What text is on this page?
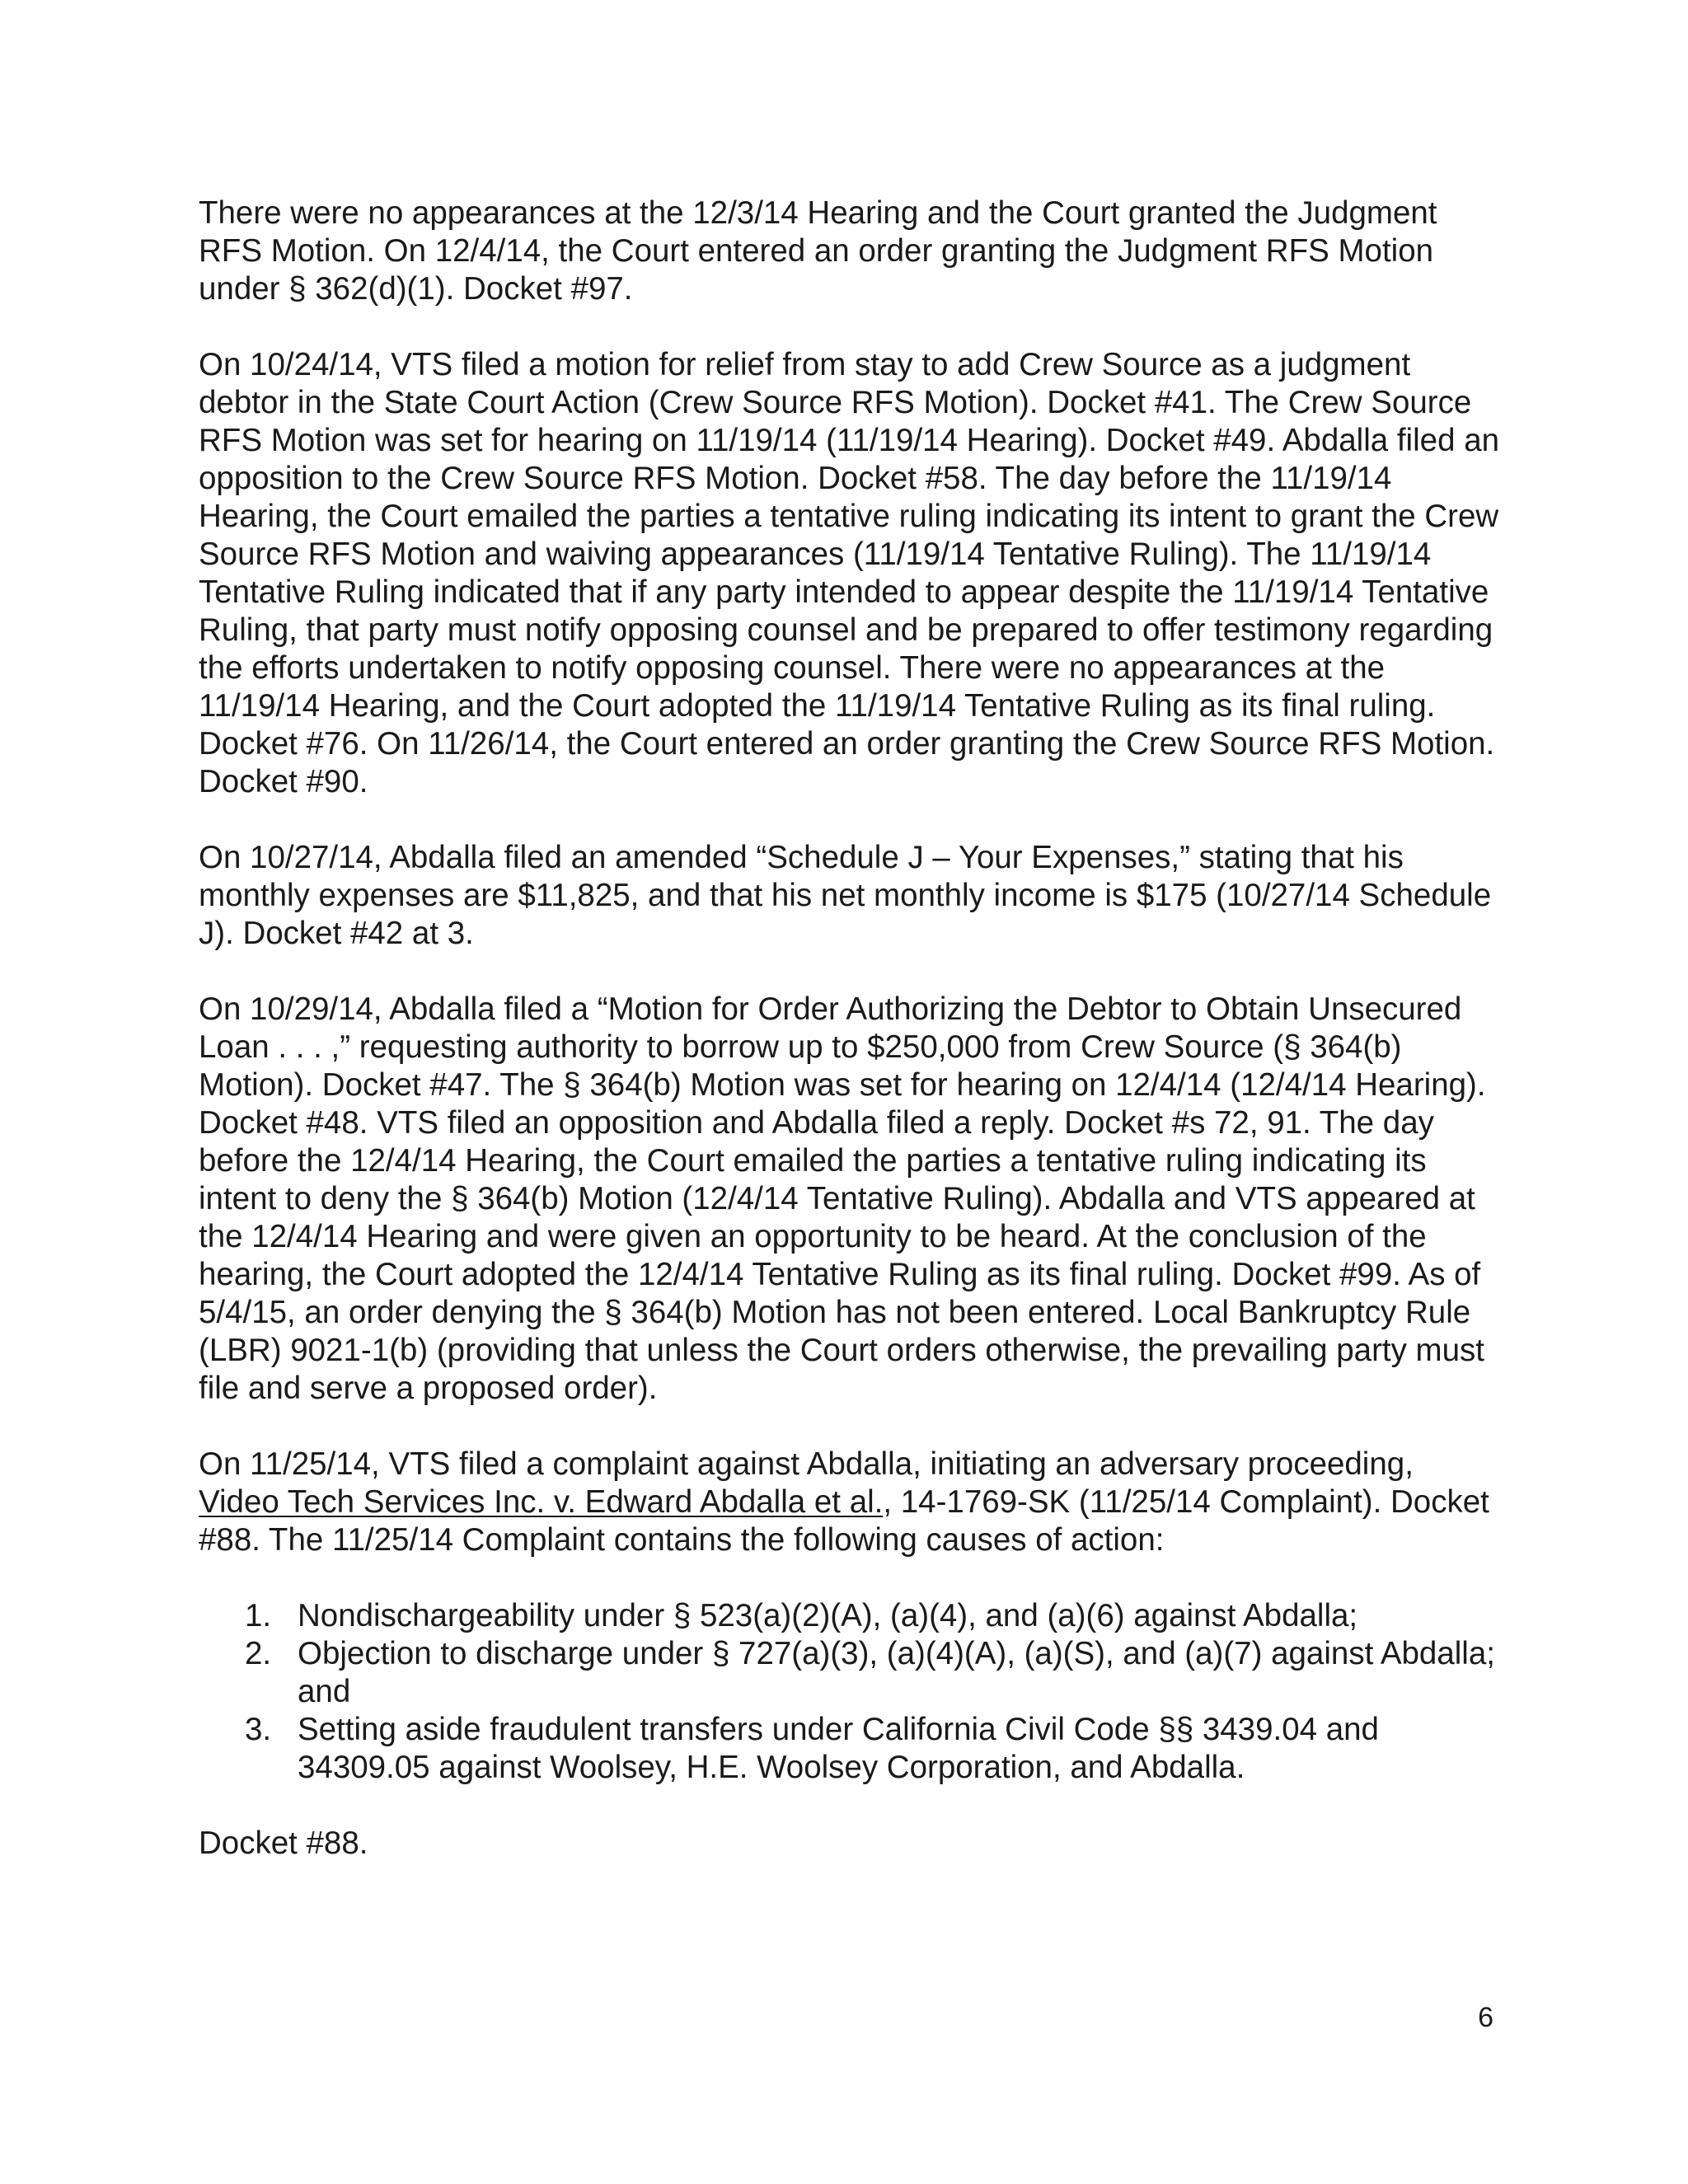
There were no appearances at the 12/3/14 Hearing and the Court granted the Judgment RFS Motion. On 12/4/14, the Court entered an order granting the Judgment RFS Motion under § 362(d)(1). Docket #97.

On 10/24/14, VTS filed a motion for relief from stay to add Crew Source as a judgment debtor in the State Court Action (Crew Source RFS Motion). Docket #41. The Crew Source RFS Motion was set for hearing on 11/19/14 (11/19/14 Hearing). Docket #49. Abdalla filed an opposition to the Crew Source RFS Motion. Docket #58. The day before the 11/19/14 Hearing, the Court emailed the parties a tentative ruling indicating its intent to grant the Crew Source RFS Motion and waiving appearances (11/19/14 Tentative Ruling). The 11/19/14 Tentative Ruling indicated that if any party intended to appear despite the 11/19/14 Tentative Ruling, that party must notify opposing counsel and be prepared to offer testimony regarding the efforts undertaken to notify opposing counsel. There were no appearances at the 11/19/14 Hearing, and the Court adopted the 11/19/14 Tentative Ruling as its final ruling. Docket #76. On 11/26/14, the Court entered an order granting the Crew Source RFS Motion. Docket #90.

On 10/27/14, Abdalla filed an amended “Schedule J – Your Expenses,” stating that his monthly expenses are $11,825, and that his net monthly income is $175 (10/27/14 Schedule J). Docket #42 at 3.

On 10/29/14, Abdalla filed a “Motion for Order Authorizing the Debtor to Obtain Unsecured Loan . . . ,” requesting authority to borrow up to $250,000 from Crew Source (§ 364(b) Motion). Docket #47. The § 364(b) Motion was set for hearing on 12/4/14 (12/4/14 Hearing). Docket #48. VTS filed an opposition and Abdalla filed a reply. Docket #s 72, 91. The day before the 12/4/14 Hearing, the Court emailed the parties a tentative ruling indicating its intent to deny the § 364(b) Motion (12/4/14 Tentative Ruling). Abdalla and VTS appeared at the 12/4/14 Hearing and were given an opportunity to be heard. At the conclusion of the hearing, the Court adopted the 12/4/14 Tentative Ruling as its final ruling. Docket #99. As of 5/4/15, an order denying the § 364(b) Motion has not been entered. Local Bankruptcy Rule (LBR) 9021-1(b) (providing that unless the Court orders otherwise, the prevailing party must file and serve a proposed order).

On 11/25/14, VTS filed a complaint against Abdalla, initiating an adversary proceeding, Video Tech Services Inc. v. Edward Abdalla et al., 14-1769-SK (11/25/14 Complaint). Docket #88. The 11/25/14 Complaint contains the following causes of action:

1. Nondischargeability under § 523(a)(2)(A), (a)(4), and (a)(6) against Abdalla;
2. Objection to discharge under § 727(a)(3), (a)(4)(A), (a)(S), and (a)(7) against Abdalla; and
3. Setting aside fraudulent transfers under California Civil Code §§ 3439.04 and 34309.05 against Woolsey, H.E. Woolsey Corporation, and Abdalla.

Docket #88.

6
